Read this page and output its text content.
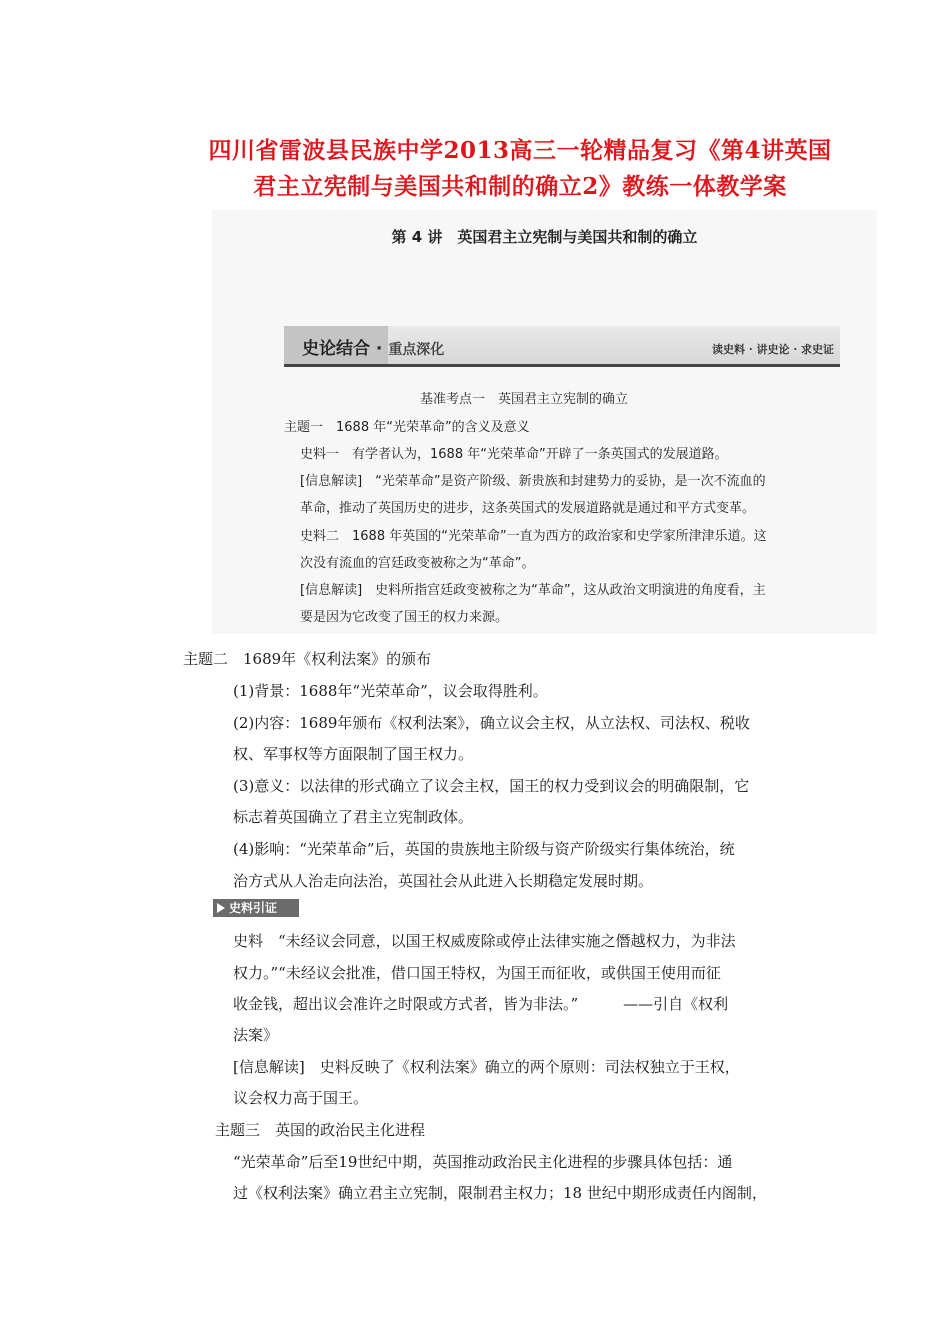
四川省雷波县民族中学2013高三一轮精品复习《第4讲英国
君主立宪制与美国共和制的确立2》教练一体教学案
第 4 讲　英国君主立宪制与美国共和制的确立
史论结合 · 重点深化	读史料 · 讲史论 · 求史证
基准考点一　英国君主立宪制的确立
主题一　1688 年“光荣革命”的含义及意义
史料一　有学者认为，1688 年“光荣革命”开辟了一条英国式的发展道路。
[信息解读]　“光荣革命”是资产阶级、新贵族和封建势力的妥协，是一次不流血的
革命，推动了英国历史的进步，这条英国式的发展道路就是通过和平方式变革。
史料二　1688 年英国的“光荣革命”一直为西方的政治家和史学家所津津乐道。这
次没有流血的宫廷政变被称之为“革命”。
[信息解读]　史料所指宫廷政变被称之为“革命”，这从政治文明演进的角度看，主
要是因为它改变了国王的权力来源。
主题二　1689年《权利法案》的颁布
(1)背景：1688年“光荣革命”，议会取得胜利。
(2)内容：1689年颁布《权利法案》，确立议会主权，从立法权、司法权、税收
权、军事权等方面限制了国王权力。
(3)意义：以法律的形式确立了议会主权，国王的权力受到议会的明确限制，它
标志着英国确立了君主立宪制政体。
(4)影响：“光荣革命”后，英国的贵族地主阶级与资产阶级实行集体统治，统
治方式从人治走向法治，英国社会从此进入长期稳定发展时期。
史料引证
史料　“未经议会同意，以国王权威废除或停止法律实施之僭越权力，为非法
权力。”“未经议会批准，借口国王特权，为国王而征收，或供国王使用而征
收金钱，超出议会准许之时限或方式者，皆为非法。”　　　——引自《权利
法案》
[信息解读]　史料反映了《权利法案》确立的两个原则：司法权独立于王权，
议会权力高于国王。
主题三　英国的政治民主化进程
“光荣革命”后至19世纪中期，英国推动政治民主化进程的步骤具体包括：通
过《权利法案》确立君主立宪制，限制君主权力；18 世纪中期形成责任内阁制，
